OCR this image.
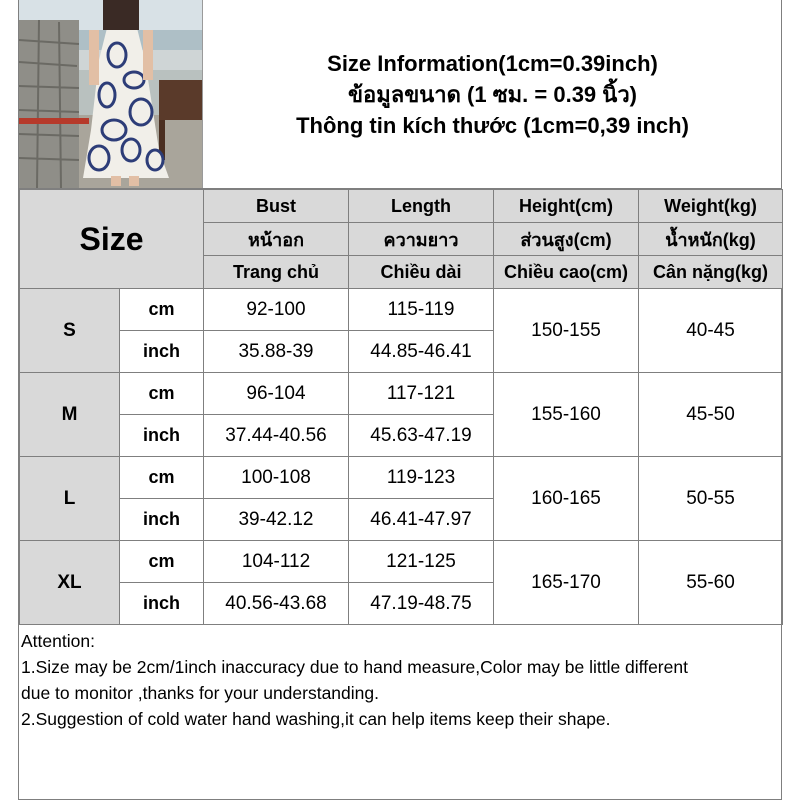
Size Information(1cm=0.39inch)
ข้อมูลขนาด (1 ซม. = 0.39 นิ้ว)
Thông tin kích thước (1cm=0,39 inch)
Size		Bust	Length	Height(cm)	Weight(kg)
		หน้าอก	ความยาว	ส่วนสูง(cm)	น้ำหนัก(kg)
		Trang chủ	Chiều dài	Chiều cao(cm)	Cân nặng(kg)
S	cm	92-100	115-119	150-155	40-45
	inch	35.88-39	44.85-46.41		
M	cm	96-104	117-121	155-160	45-50
	inch	37.44-40.56	45.63-47.19		
L	cm	100-108	119-123	160-165	50-55
	inch	39-42.12	46.41-47.97		
XL	cm	104-112	121-125	165-170	55-60
	inch	40.56-43.68	47.19-48.75		
Attention:
1.Size may be 2cm/1inch inaccuracy due to hand measure,Color may be little different
due to monitor ,thanks for your understanding.
2.Suggestion of cold water hand washing,it can help items keep their shape.
